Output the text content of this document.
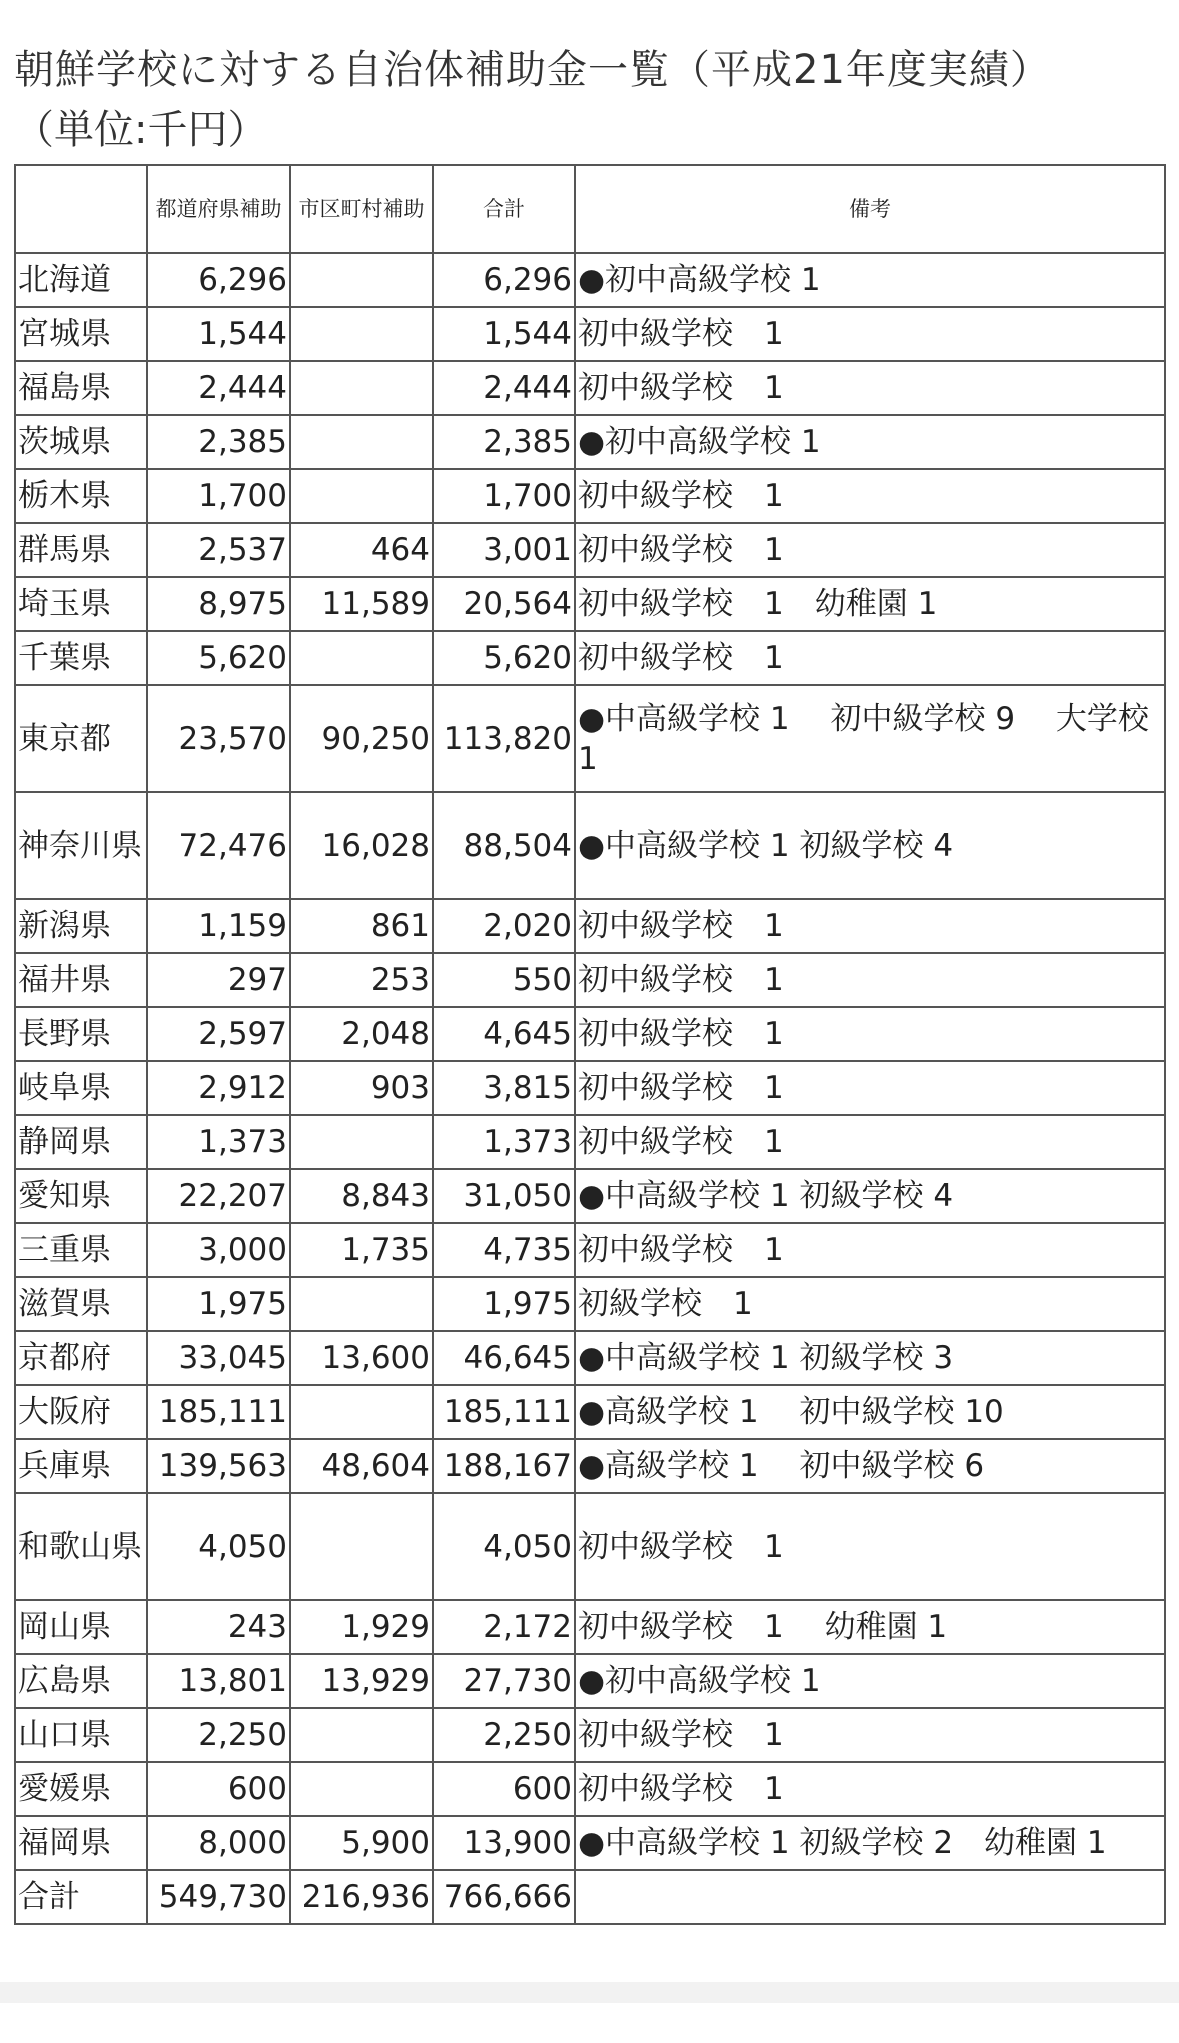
朝鮮学校に対する自治体補助金一覧（平成21年度実績）
（単位:千円）
	都道府県補助	市区町村補助	合計	備考
北海道	6,296		6,296	●初中高級学校 1
宮城県	1,544		1,544	初中級学校　1
福島県	2,444		2,444	初中級学校　1
茨城県	2,385		2,385	●初中高級学校 1
栃木県	1,700		1,700	初中級学校　1
群馬県	2,537	464	3,001	初中級学校　1
埼玉県	8,975	11,589	20,564	初中級学校　1　幼稚園 1
千葉県	5,620		5,620	初中級学校　1
東京都	23,570	90,250	113,820	●中高級学校 1　 初中級学校 9　 大学校 1
神奈川県	72,476	16,028	88,504	●中高級学校 1 初級学校 4
新潟県	1,159	861	2,020	初中級学校　1
福井県	297	253	550	初中級学校　1
長野県	2,597	2,048	4,645	初中級学校　1
岐阜県	2,912	903	3,815	初中級学校　1
静岡県	1,373		1,373	初中級学校　1
愛知県	22,207	8,843	31,050	●中高級学校 1 初級学校 4
三重県	3,000	1,735	4,735	初中級学校　1
滋賀県	1,975		1,975	初級学校　1
京都府	33,045	13,600	46,645	●中高級学校 1 初級学校 3
大阪府	185,111		185,111	●高級学校 1　 初中級学校 10
兵庫県	139,563	48,604	188,167	●高級学校 1　 初中級学校 6
和歌山県	4,050		4,050	初中級学校　1
岡山県	243	1,929	2,172	初中級学校　1　 幼稚園 1
広島県	13,801	13,929	27,730	●初中高級学校 1
山口県	2,250		2,250	初中級学校　1
愛媛県	600		600	初中級学校　1
福岡県	8,000	5,900	13,900	●中高級学校 1 初級学校 2　幼稚園 1
合計	549,730	216,936	766,666	
